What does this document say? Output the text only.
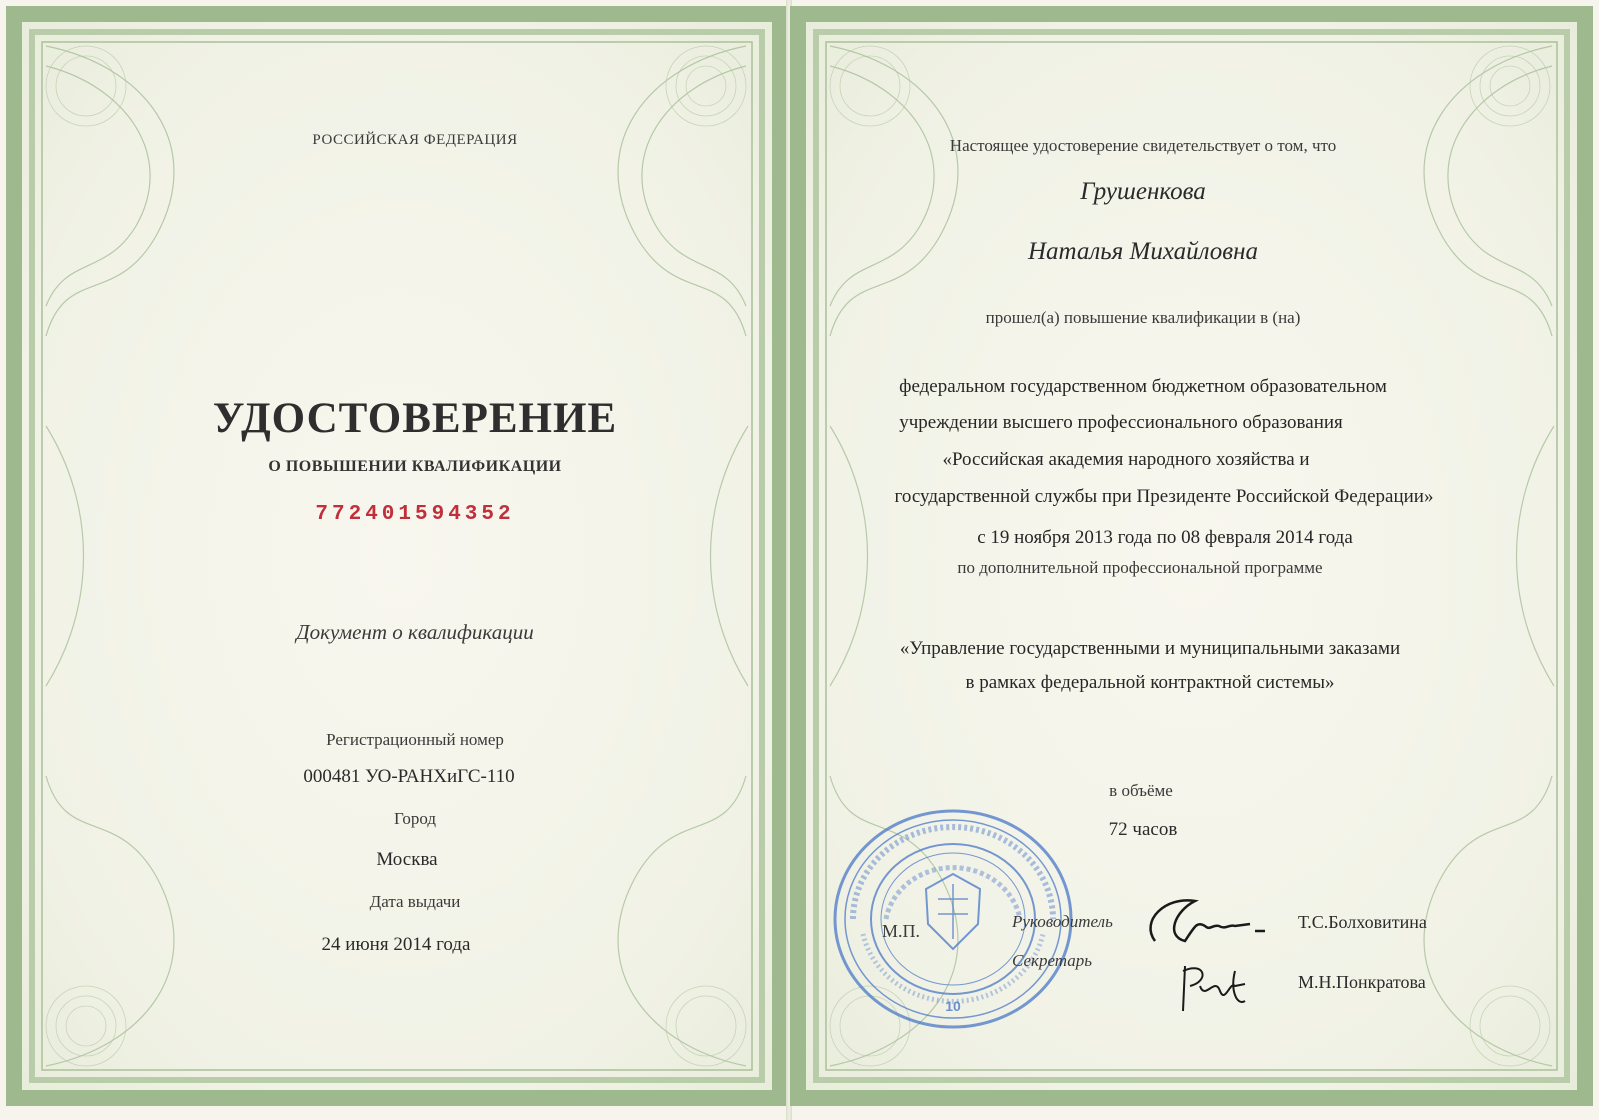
РОССИЙСКАЯ ФЕДЕРАЦИЯ
УДОСТОВЕРЕНИЕ
О ПОВЫШЕНИИ КВАЛИФИКАЦИИ
772401594352
Документ о квалификации
Регистрационный номер
000481 УО-РАНХиГС-110
Город
Москва
Дата выдачи
24 июня 2014 года
Настоящее удостоверение свидетельствует о том, что
Грушенкова
Наталья Михайловна
прошел(а) повышение квалификации в (на)
федеральном государственном бюджетном образовательном
учреждении высшего профессионального образования
«Российская академия народного хозяйства и
государственной службы при Президенте Российской Федерации»
с 19 ноября 2013 года по 08 февраля 2014 года
по дополнительной профессиональной программе
«Управление государственными и муниципальными заказами
в рамках федеральной контрактной системы»
в объёме
72 часов
10
М.П.	Руководитель
Секретарь
Т.С.Болховитина
М.Н.Понкратова
